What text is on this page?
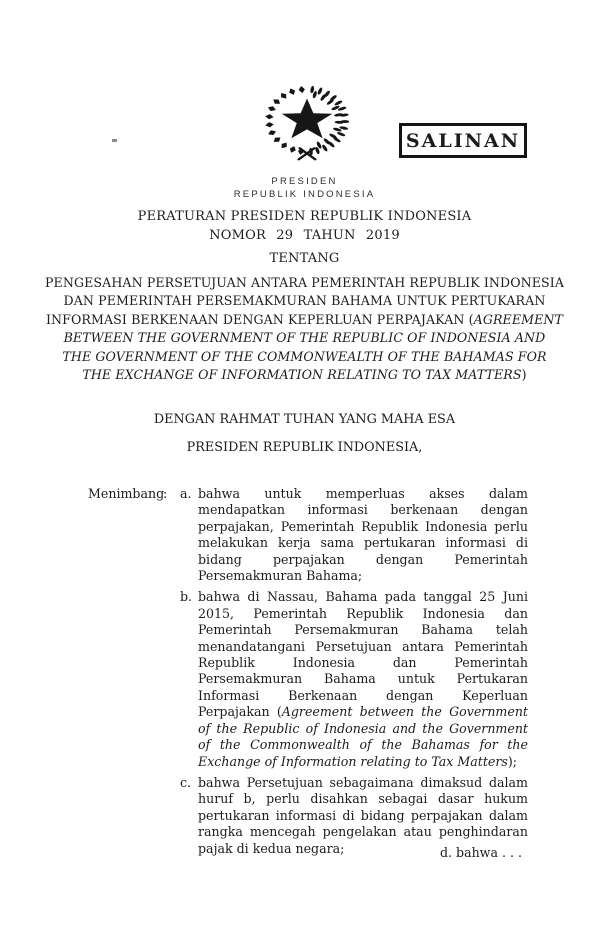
SALINAN
PRESIDEN
REPUBLIK INDONESIA
PERATURAN PRESIDEN REPUBLIK INDONESIA
NOMOR 29 TAHUN 2019
TENTANG
PENGESAHAN PERSETUJUAN ANTARA PEMERINTAH REPUBLIK INDONESIA
DAN PEMERINTAH PERSEMAKMURAN BAHAMA UNTUK PERTUKARAN
INFORMASI BERKENAAN DENGAN KEPERLUAN PERPAJAKAN (AGREEMENT
BETWEEN THE GOVERNMENT OF THE REPUBLIC OF INDONESIA AND
THE GOVERNMENT OF THE COMMONWEALTH OF THE BAHAMAS FOR
THE EXCHANGE OF INFORMATION RELATING TO TAX MATTERS)
DENGAN RAHMAT TUHAN YANG MAHA ESA
PRESIDEN REPUBLIK INDONESIA,
Menimbang
:	a. bahwa untuk memperluas akses dalam mendapatkan informasi berkenaan dengan perpajakan, Pemerintah Republik Indonesia perlu melakukan kerja sama pertukaran informasi di bidang perpajakan dengan Pemerintah Persemakmuran Bahama;
b. bahwa di Nassau, Bahama pada tanggal 25 Juni 2015, Pemerintah Republik Indonesia dan Pemerintah Persemakmuran Bahama telah menandatangani Persetujuan antara Pemerintah Republik Indonesia dan Pemerintah Persemakmuran Bahama untuk Pertukaran Informasi Berkenaan dengan Keperluan Perpajakan (Agreement between the Government of the Republic of Indonesia and the Government of the Commonwealth of the Bahamas for the Exchange of Information relating to Tax Matters);
c. bahwa Persetujuan sebagaimana dimaksud dalam huruf b, perlu disahkan sebagai dasar hukum pertukaran informasi di bidang perpajakan dalam rangka mencegah pengelakan atau penghindaran pajak di kedua negara;	d. bahwa . . .
